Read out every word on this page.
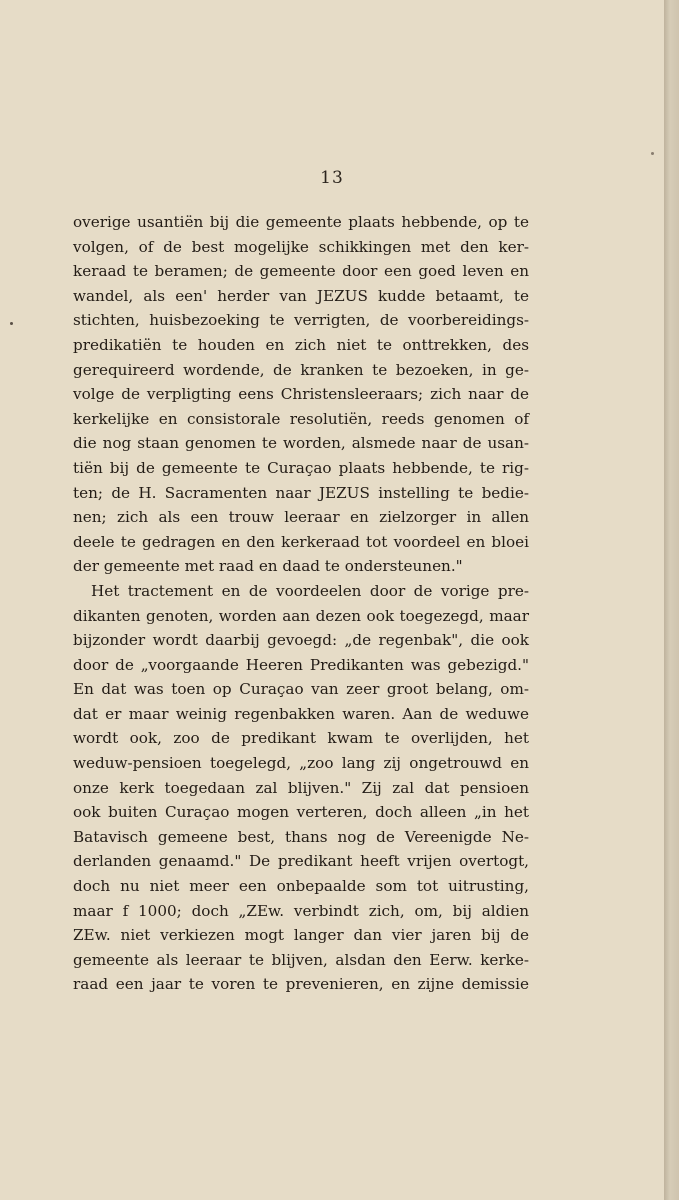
13
overige usantiën bij die gemeente plaats hebbende, op te
volgen, of de best mogelijke schikkingen met den ker-
keraad te beramen; de gemeente door een goed leven en
wandel, als een' herder van JEZUS kudde betaamt, te
stichten, huisbezoeking te verrigten, de voorbereidings-
predikatiën te houden en zich niet te onttrekken, des
gerequireerd wordende, de kranken te bezoeken, in ge-
volge de verpligting eens Christensleeraars; zich naar de
kerkelijke en consistorale resolutiën, reeds genomen of
die nog staan genomen te worden, alsmede naar de usan-
tiën bij de gemeente te Curaçao plaats hebbende, te rig-
ten; de H. Sacramenten naar JEZUS instelling te bedie-
nen; zich als een trouw leeraar en zielzorger in allen
deele te gedragen en den kerkeraad tot voordeel en bloei
der gemeente met raad en daad te ondersteunen."
Het tractement en de voordeelen door de vorige pre-
dikanten genoten, worden aan dezen ook toegezegd, maar
bijzonder wordt daarbij gevoegd: „de regenbak", die ook
door de „voorgaande Heeren Predikanten was gebezigd."
En dat was toen op Curaçao van zeer groot belang, om-
dat er maar weinig regenbakken waren. Aan de weduwe
wordt ook, zoo de predikant kwam te overlijden, het
weduw-pensioen toegelegd, „zoo lang zij ongetrouwd en
onze kerk toegedaan zal blijven." Zij zal dat pensioen
ook buiten Curaçao mogen verteren, doch alleen „in het
Batavisch gemeene best, thans nog de Vereenigde Ne-
derlanden genaamd." De predikant heeft vrijen overtogt,
doch nu niet meer een onbepaalde som tot uitrusting,
maar f 1000; doch „ZEw. verbindt zich, om, bij aldien
ZEw. niet verkiezen mogt langer dan vier jaren bij de
gemeente als leeraar te blijven, alsdan den Eerw. kerke-
raad een jaar te voren te prevenieren, en zijne demissie
